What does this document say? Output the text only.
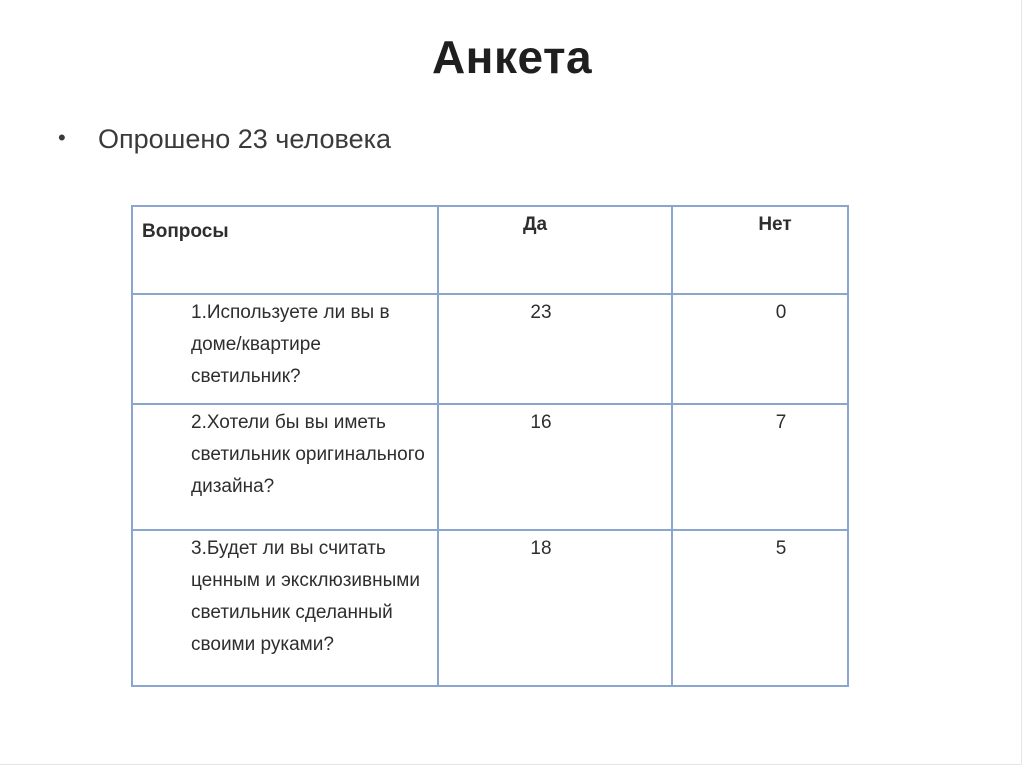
Анкета
• Опрошено 23 человека
Вопросы	Да	Нет
1.Используете ли вы в доме/квартире светильник?	23	0
2.Хотели бы вы иметь светильник оригинального дизайна?	16	7
3.Будет ли вы считать ценным и эксклюзивными светильник сделанный своими руками?	18	5
